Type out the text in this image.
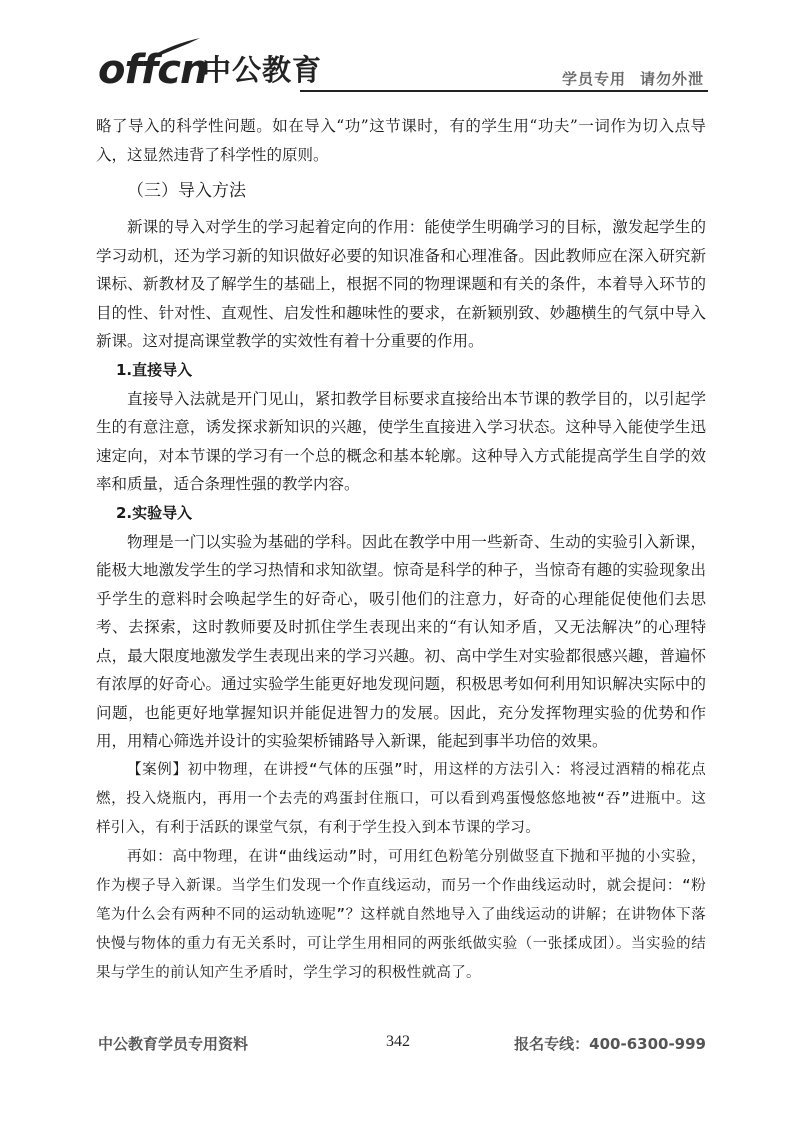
offcn
中公教育	学员专用 请勿外泄

略了导入的科学性问题。如在导入“功”这节课时，有的学生用“功夫”一词作为切入点导入，这显然违背了科学性的原则。

（三）导入方法

新课的导入对学生的学习起着定向的作用：能使学生明确学习的目标，激发起学生的学习动机，还为学习新的知识做好必要的知识准备和心理准备。因此教师应在深入研究新课标、新教材及了解学生的基础上，根据不同的物理课题和有关的条件，本着导入环节的目的性、针对性、直观性、启发性和趣味性的要求，在新颖别致、妙趣横生的气氛中导入新课。这对提高课堂教学的实效性有着十分重要的作用。

1.直接导入

直接导入法就是开门见山，紧扣教学目标要求直接给出本节课的教学目的，以引起学生的有意注意，诱发探求新知识的兴趣，使学生直接进入学习状态。这种导入能使学生迅速定向，对本节课的学习有一个总的概念和基本轮廓。这种导入方式能提高学生自学的效率和质量，适合条理性强的教学内容。

2.实验导入

物理是一门以实验为基础的学科。因此在教学中用一些新奇、生动的实验引入新课，能极大地激发学生的学习热情和求知欲望。惊奇是科学的种子，当惊奇有趣的实验现象出乎学生的意料时会唤起学生的好奇心，吸引他们的注意力，好奇的心理能促使他们去思考、去探索，这时教师要及时抓住学生表现出来的“有认知矛盾，又无法解决”的心理特点，最大限度地激发学生表现出来的学习兴趣。初、高中学生对实验都很感兴趣，普遍怀有浓厚的好奇心。通过实验学生能更好地发现问题，积极思考如何利用知识解决实际中的问题，也能更好地掌握知识并能促进智力的发展。因此，充分发挥物理实验的优势和作用，用精心筛选并设计的实验架桥铺路导入新课，能起到事半功倍的效果。

【案例】初中物理，在讲授“气体的压强”时，用这样的方法引入：将浸过酒精的棉花点燃，投入烧瓶内，再用一个去壳的鸡蛋封住瓶口，可以看到鸡蛋慢悠悠地被“吞”进瓶中。这样引入，有利于活跃的课堂气氛，有利于学生投入到本节课的学习。

再如：高中物理，在讲“曲线运动”时，可用红色粉笔分别做竖直下抛和平抛的小实验，作为楔子导入新课。当学生们发现一个作直线运动，而另一个作曲线运动时，就会提问：“粉笔为什么会有两种不同的运动轨迹呢”？这样就自然地导入了曲线运动的讲解；在讲物体下落快慢与物体的重力有无关系时，可让学生用相同的两张纸做实验（一张揉成团）。当实验的结果与学生的前认知产生矛盾时，学生学习的积极性就高了。

中公教育学员专用资料	342	报名专线：400-6300-999
